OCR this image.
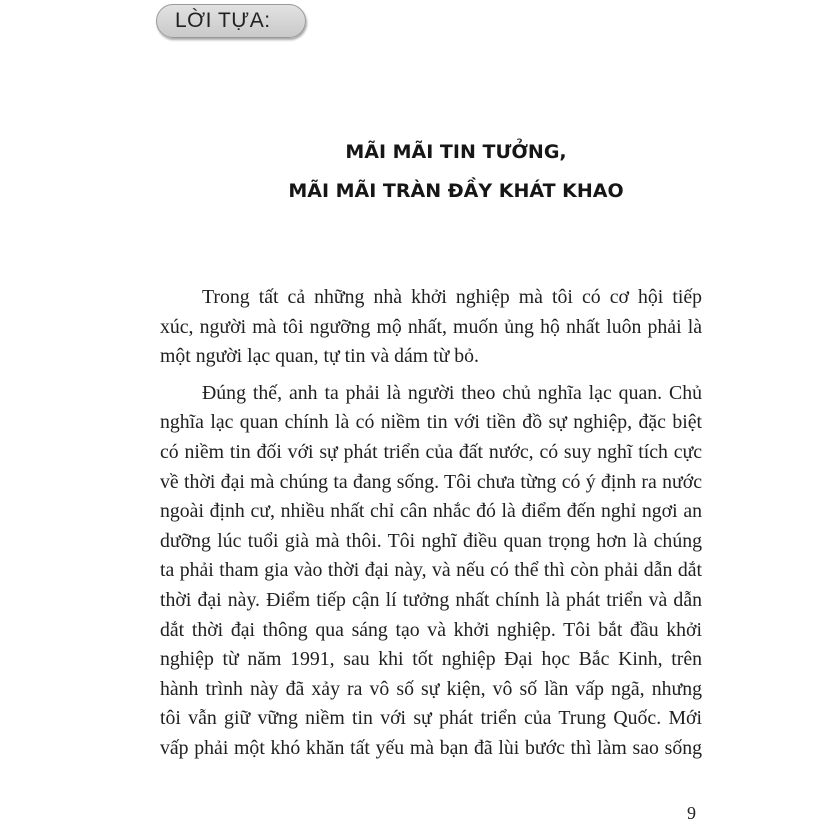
LỜI TỰA:
MÃI MÃI TIN TƯỞNG,
MÃI MÃI TRÀN ĐẦY KHÁT KHAO
Trong tất cả những nhà khởi nghiệp mà tôi có cơ hội tiếp
xúc, người mà tôi ngưỡng mộ nhất, muốn ủng hộ nhất luôn phải là
một người lạc quan, tự tin và dám từ bỏ.
Đúng thế, anh ta phải là người theo chủ nghĩa lạc quan. Chủ
nghĩa lạc quan chính là có niềm tin với tiền đồ sự nghiệp, đặc biệt
có niềm tin đối với sự phát triển của đất nước, có suy nghĩ tích cực
về thời đại mà chúng ta đang sống. Tôi chưa từng có ý định ra nước
ngoài định cư, nhiều nhất chỉ cân nhắc đó là điểm đến nghỉ ngơi an
dưỡng lúc tuổi già mà thôi. Tôi nghĩ điều quan trọng hơn là chúng
ta phải tham gia vào thời đại này, và nếu có thể thì còn phải dẫn dắt
thời đại này. Điểm tiếp cận lí tưởng nhất chính là phát triển và dẫn
dắt thời đại thông qua sáng tạo và khởi nghiệp. Tôi bắt đầu khởi
nghiệp từ năm 1991, sau khi tốt nghiệp Đại học Bắc Kinh, trên
hành trình này đã xảy ra vô số sự kiện, vô số lần vấp ngã, nhưng
tôi vẫn giữ vững niềm tin với sự phát triển của Trung Quốc. Mới
vấp phải một khó khăn tất yếu mà bạn đã lùi bước thì làm sao sống
9
